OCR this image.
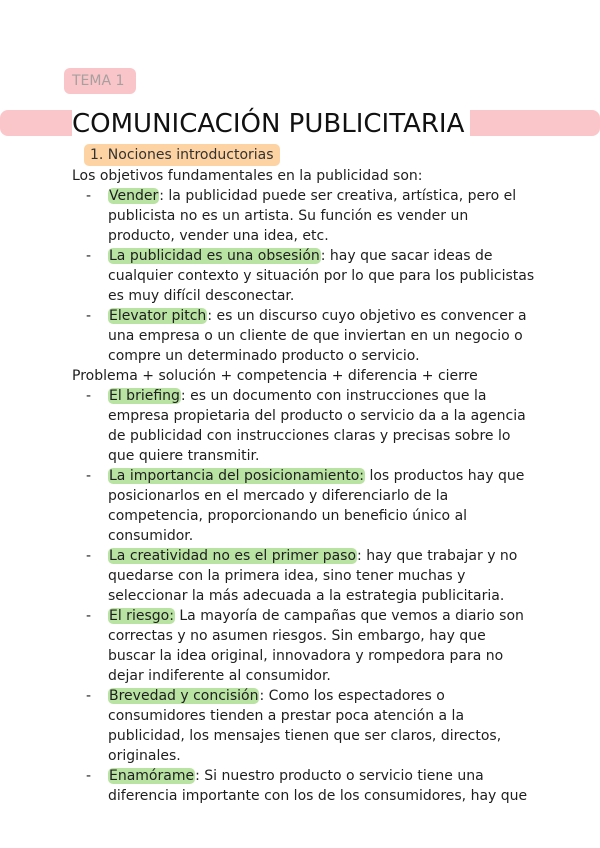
TEMA 1
COMUNICACIÓN PUBLICITARIA
1. Nociones introductorias
Los objetivos fundamentales en la publicidad son:
- Vender: la publicidad puede ser creativa, artística, pero el publicista no es un artista. Su función es vender un producto, vender una idea, etc.
- La publicidad es una obsesión: hay que sacar ideas de cualquier contexto y situación por lo que para los publicistas es muy difícil desconectar.
- Elevator pitch: es un discurso cuyo objetivo es convencer a una empresa o un cliente de que inviertan en un negocio o compre un determinado producto o servicio.
Problema + solución + competencia + diferencia + cierre
- El briefing: es un documento con instrucciones que la empresa propietaria del producto o servicio da a la agencia de publicidad con instrucciones claras y precisas sobre lo que quiere transmitir.
- La importancia del posicionamiento: los productos hay que posicionarlos en el mercado y diferenciarlo de la competencia, proporcionando un beneficio único al consumidor.
- La creatividad no es el primer paso: hay que trabajar y no quedarse con la primera idea, sino tener muchas y seleccionar la más adecuada a la estrategia publicitaria.
- El riesgo: La mayoría de campañas que vemos a diario son correctas y no asumen riesgos. Sin embargo, hay que buscar la idea original, innovadora y rompedora para no dejar indiferente al consumidor.
- Brevedad y concisión: Como los espectadores o consumidores tienden a prestar poca atención a la publicidad, los mensajes tienen que ser claros, directos, originales.
- Enamórame: Si nuestro producto o servicio tiene una diferencia importante con los de los consumidores, hay que
